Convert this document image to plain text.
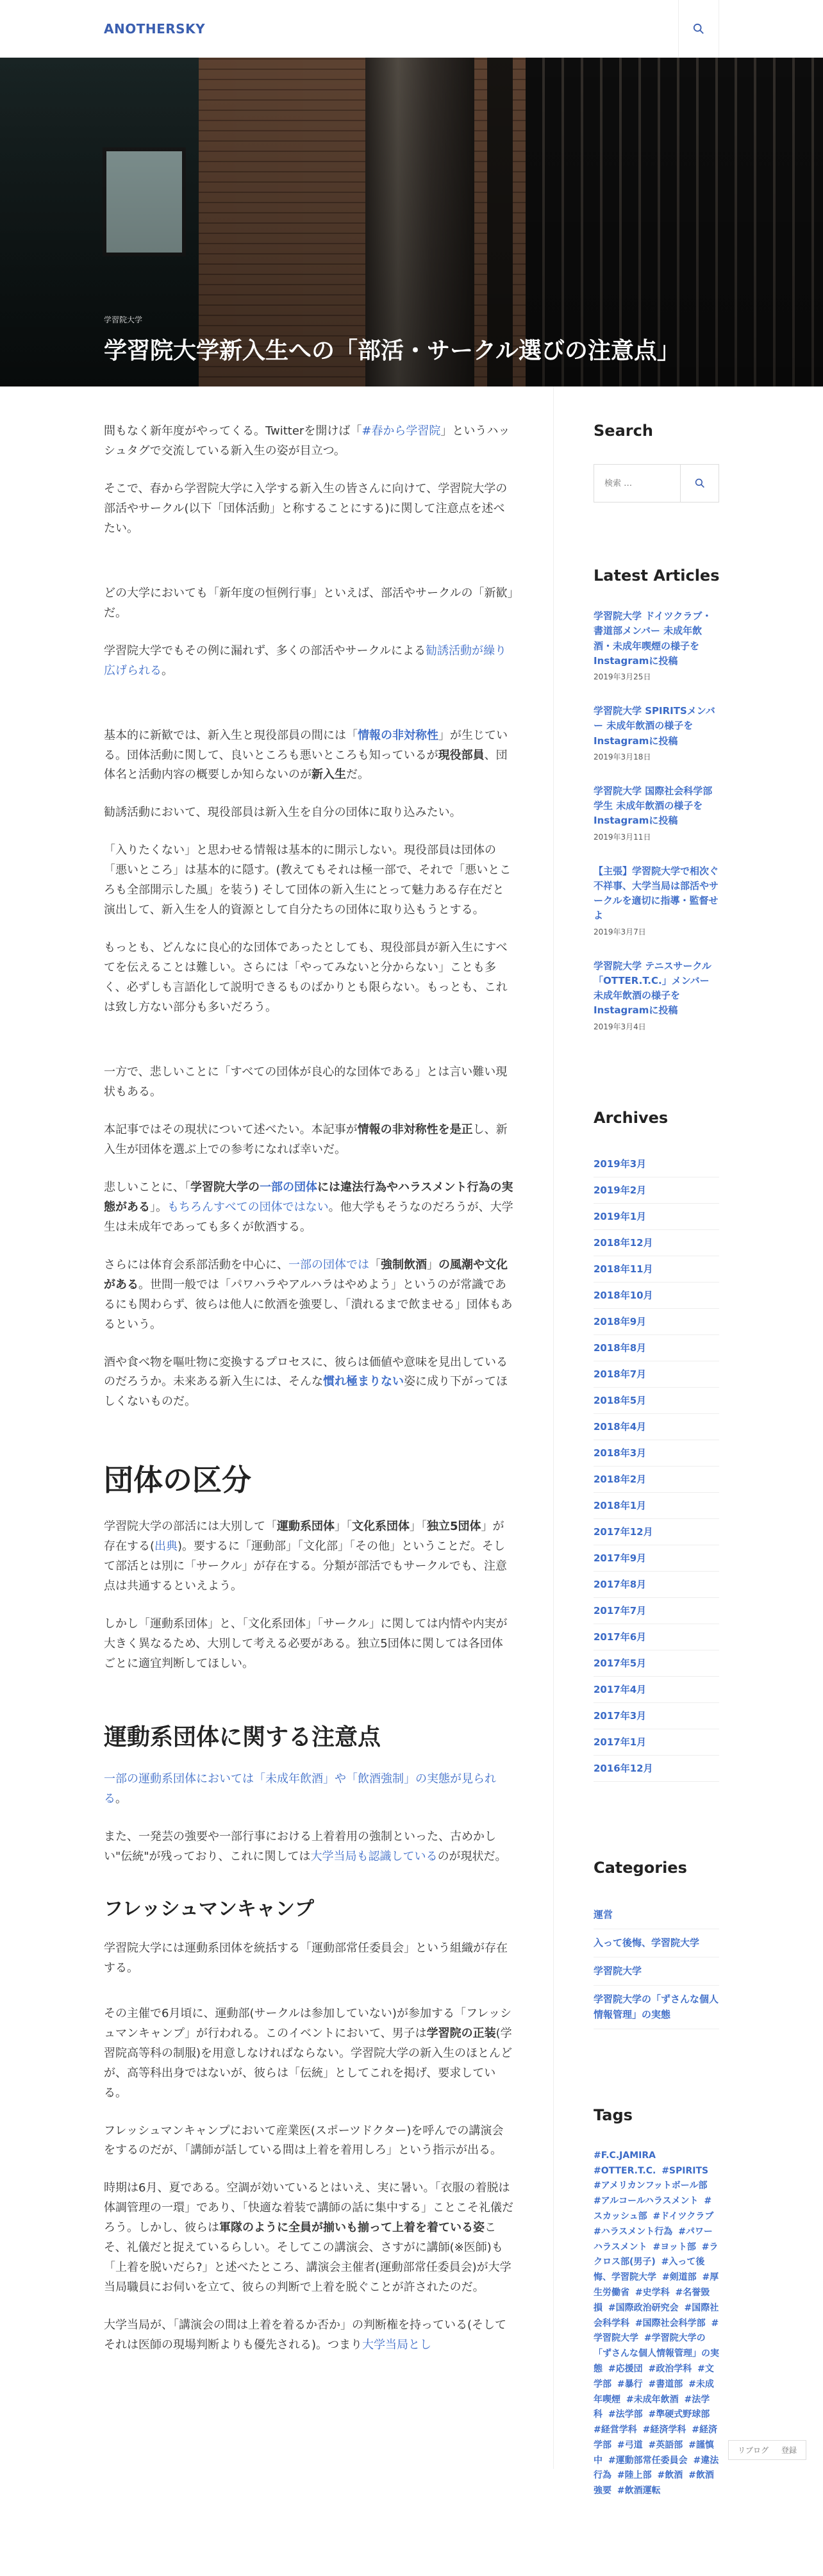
ANOTHERSKY
学習院大学
学習院大学新入生への「部活・サークル選びの注意点」

間もなく新年度がやってくる。Twitterを開けば「#春から学習院」というハッシュタグで交流している新入生の姿が目立つ。

そこで、春から学習院大学に入学する新入生の皆さんに向けて、学習院大学の部活やサークル(以下「団体活動」と称することにする)に関して注意点を述べたい。

どの大学においても「新年度の恒例行事」といえば、部活やサークルの「新歓」だ。

学習院大学でもその例に漏れず、多くの部活やサークルによる勧誘活動が繰り広げられる。

基本的に新歓では、新入生と現役部員の間には「情報の非対称性」が生じている。団体活動に関して、良いところも悪いところも知っているが現役部員、団体名と活動内容の概要しか知らないのが新入生だ。

勧誘活動において、現役部員は新入生を自分の団体に取り込みたい。

「入りたくない」と思わせる情報は基本的に開示しない。現役部員は団体の「悪いところ」は基本的に隠す。(教えてもそれは極一部で、それで「悪いところも全部開示した風」を装う) そして団体の新入生にとって魅力ある存在だと演出して、新入生を人的資源として自分たちの団体に取り込もうとする。

もっとも、どんなに良心的な団体であったとしても、現役部員が新入生にすべてを伝えることは難しい。さらには「やってみないと分からない」ことも多く、必ずしも言語化して説明できるものばかりとも限らない。もっとも、これは致し方ない部分も多いだろう。

一方で、悲しいことに「すべての団体が良心的な団体である」とは言い難い現状もある。

本記事ではその現状について述べたい。本記事が情報の非対称性を是正し、新入生が団体を選ぶ上での参考になれば幸いだ。

悲しいことに、「学習院大学の一部の団体には違法行為やハラスメント行為の実態がある」。もちろんすべての団体ではない。他大学もそうなのだろうが、大学生は未成年であっても多くが飲酒する。

さらには体育会系部活動を中心に、一部の団体では「強制飲酒」の風潮や文化がある。世間一般では「パワハラやアルハラはやめよう」というのが常識であるにも関わらず、彼らは他人に飲酒を強要し、「潰れるまで飲ませる」団体もあるという。

酒や食べ物を嘔吐物に変換するプロセスに、彼らは価値や意味を見出しているのだろうか。未来ある新入生には、そんな慣れ極まりない姿に成り下がってほしくないものだ。

団体の区分

学習院大学の部活には大別して「運動系団体」「文化系団体」「独立5団体」が存在する(出典)。要するに「運動部」「文化部」「その他」ということだ。そして部活とは別に「サークル」が存在する。分類が部活でもサークルでも、注意点は共通するといえよう。

しかし「運動系団体」と、「文化系団体」「サークル」に関しては内情や内実が大きく異なるため、大別して考える必要がある。独立5団体に関しては各団体ごとに適宜判断してほしい。

運動系団体に関する注意点

一部の運動系団体においては「未成年飲酒」や「飲酒強制」の実態が見られる。

また、一発芸の強要や一部行事における上着着用の強制といった、古めかしい"伝統"が残っており、これに関しては大学当局も認識しているのが現状だ。

フレッシュマンキャンプ

学習院大学には運動系団体を統括する「運動部常任委員会」という組織が存在する。

その主催で6月頃に、運動部(サークルは参加していない)が参加する「フレッシュマンキャンプ」が行われる。このイベントにおいて、男子は学習院の正装(学習院高等科の制服)を用意しなければならない。学習院大学の新入生のほとんどが、高等科出身ではないが、彼らは「伝統」としてこれを掲げ、要求している。

フレッシュマンキャンプにおいて産業医(スポーツドクター)を呼んでの講演会をするのだが、「講師が話している間は上着を着用しろ」という指示が出る。

時期は6月、夏である。空調が効いているとはいえ、実に暑い。「衣服の着脱は体調管理の一環」であり、「快適な着装で講師の話に集中する」ことこそ礼儀だろう。しかし、彼らは軍隊のように全員が揃いも揃って上着を着ている姿こそ、礼儀だと捉えているらしい。そしてこの講演会、さすがに講師(※医師)も「上着を脱いだら?」と述べたところ、講演会主催者(運動部常任委員会)が大学当局職員にお伺いを立て、彼らの判断で上着を脱ぐことが許されたのだ。

大学当局が、「講演会の間は上着を着るか否か」の判断権を持っている(そして それは医師の現場判断よりも優先される)。つまり大学当局とし

Search
検索 …
Latest Articles
学習院大学 ドイツクラブ・書道部メンバー 未成年飲酒・未成年喫煙の様子をInstagramに投稿
2019年3月25日
学習院大学 SPIRITSメンバー 未成年飲酒の様子をInstagramに投稿
2019年3月18日
学習院大学 国際社会科学部学生 未成年飲酒の様子をInstagramに投稿
2019年3月11日
【主張】学習院大学で相次ぐ不祥事、大学当局は部活やサークルを適切に指導・監督せよ
2019年3月7日
学習院大学 テニスサークル「OTTER.T.C.」メンバー 未成年飲酒の様子をInstagramに投稿
2019年3月4日
Archives
2019年3月
2019年2月
2019年1月
2018年12月
2018年11月
2018年10月
2018年9月
2018年8月
2018年7月
2018年5月
2018年4月
2018年3月
2018年2月
2018年1月
2017年12月
2017年9月
2017年8月
2017年7月
2017年6月
2017年5月
2017年4月
2017年3月
2017年1月
2016年12月
Categories
運営
入って後悔、学習院大学
学習院大学
学習院大学の「ずさんな個人情報管理」の実態
Tags
#F.C.JAMIRA #OTTER.T.C. #SPIRITS #アメリカンフットボール部 #アルコールハラスメント #スカッシュ部 #ドイツクラブ #ハラスメント行為 #パワーハラスメント #ヨット部 #ラクロス部(男子) #入って後悔、学習院大学 #剣道部 #厚生労働省 #史学科 #名誉毀損 #国際政治研究会 #国際社会科学科 #国際社会科学部 #学習院大学 #学習院大学の「ずさんな個人情報管理」の実態 #応援団 #政治学科 #文学部 #暴行 #書道部 #未成年喫煙 #未成年飲酒 #法学科 #法学部 #準硬式野球部 #経営学科 #経済学科 #経済学部 #弓道 #英語部 #謹慎中 #運動部常任委員会 #違法行為 #陸上部 #飲酒 #飲酒強要 #飲酒運転
リブログ 登録
